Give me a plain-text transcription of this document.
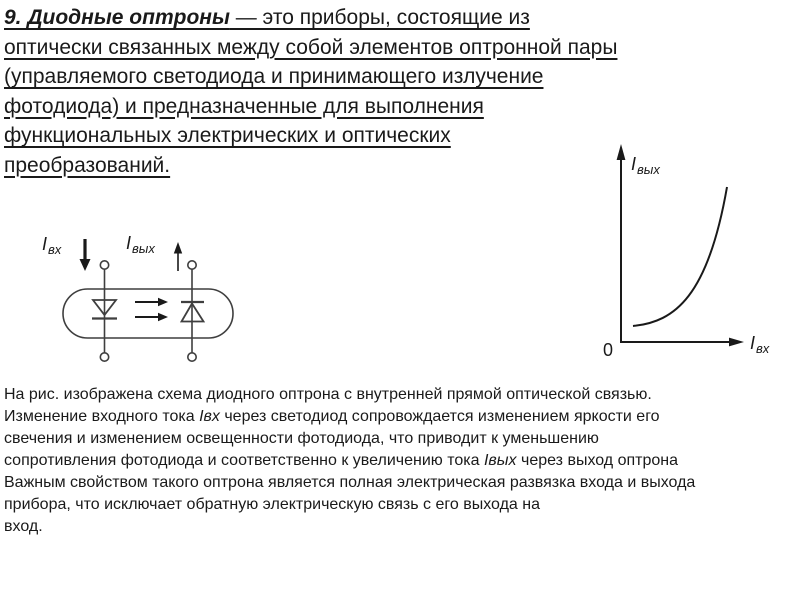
9. Диодные оптроны — это приборы, состоящие из
оптически связанных между собой элементов оптронной пары
(управляемого светодиода и принимающего излучение
фотодиода) и предназначенные для выполнения
функциональных электрических и оптических
преобразований.
$I_{вх}$	$I_{вых}$
$I_{вых}$
$I_{вх}$
0
На рис. изображена схема диодного оптрона с внутренней прямой оптической связью.
Изменение входного тока Iвх через светодиод сопровождается изменением яркости его
свечения и изменением освещенности фотодиода, что приводит к уменьшению
сопротивления фотодиода и соответственно к увеличению тока Iвых через выход оптрона
Важным свойством такого оптрона является полная электрическая развязка входа и выхода
прибора, что исключает обратную электрическую связь с его выхода на
вход.
